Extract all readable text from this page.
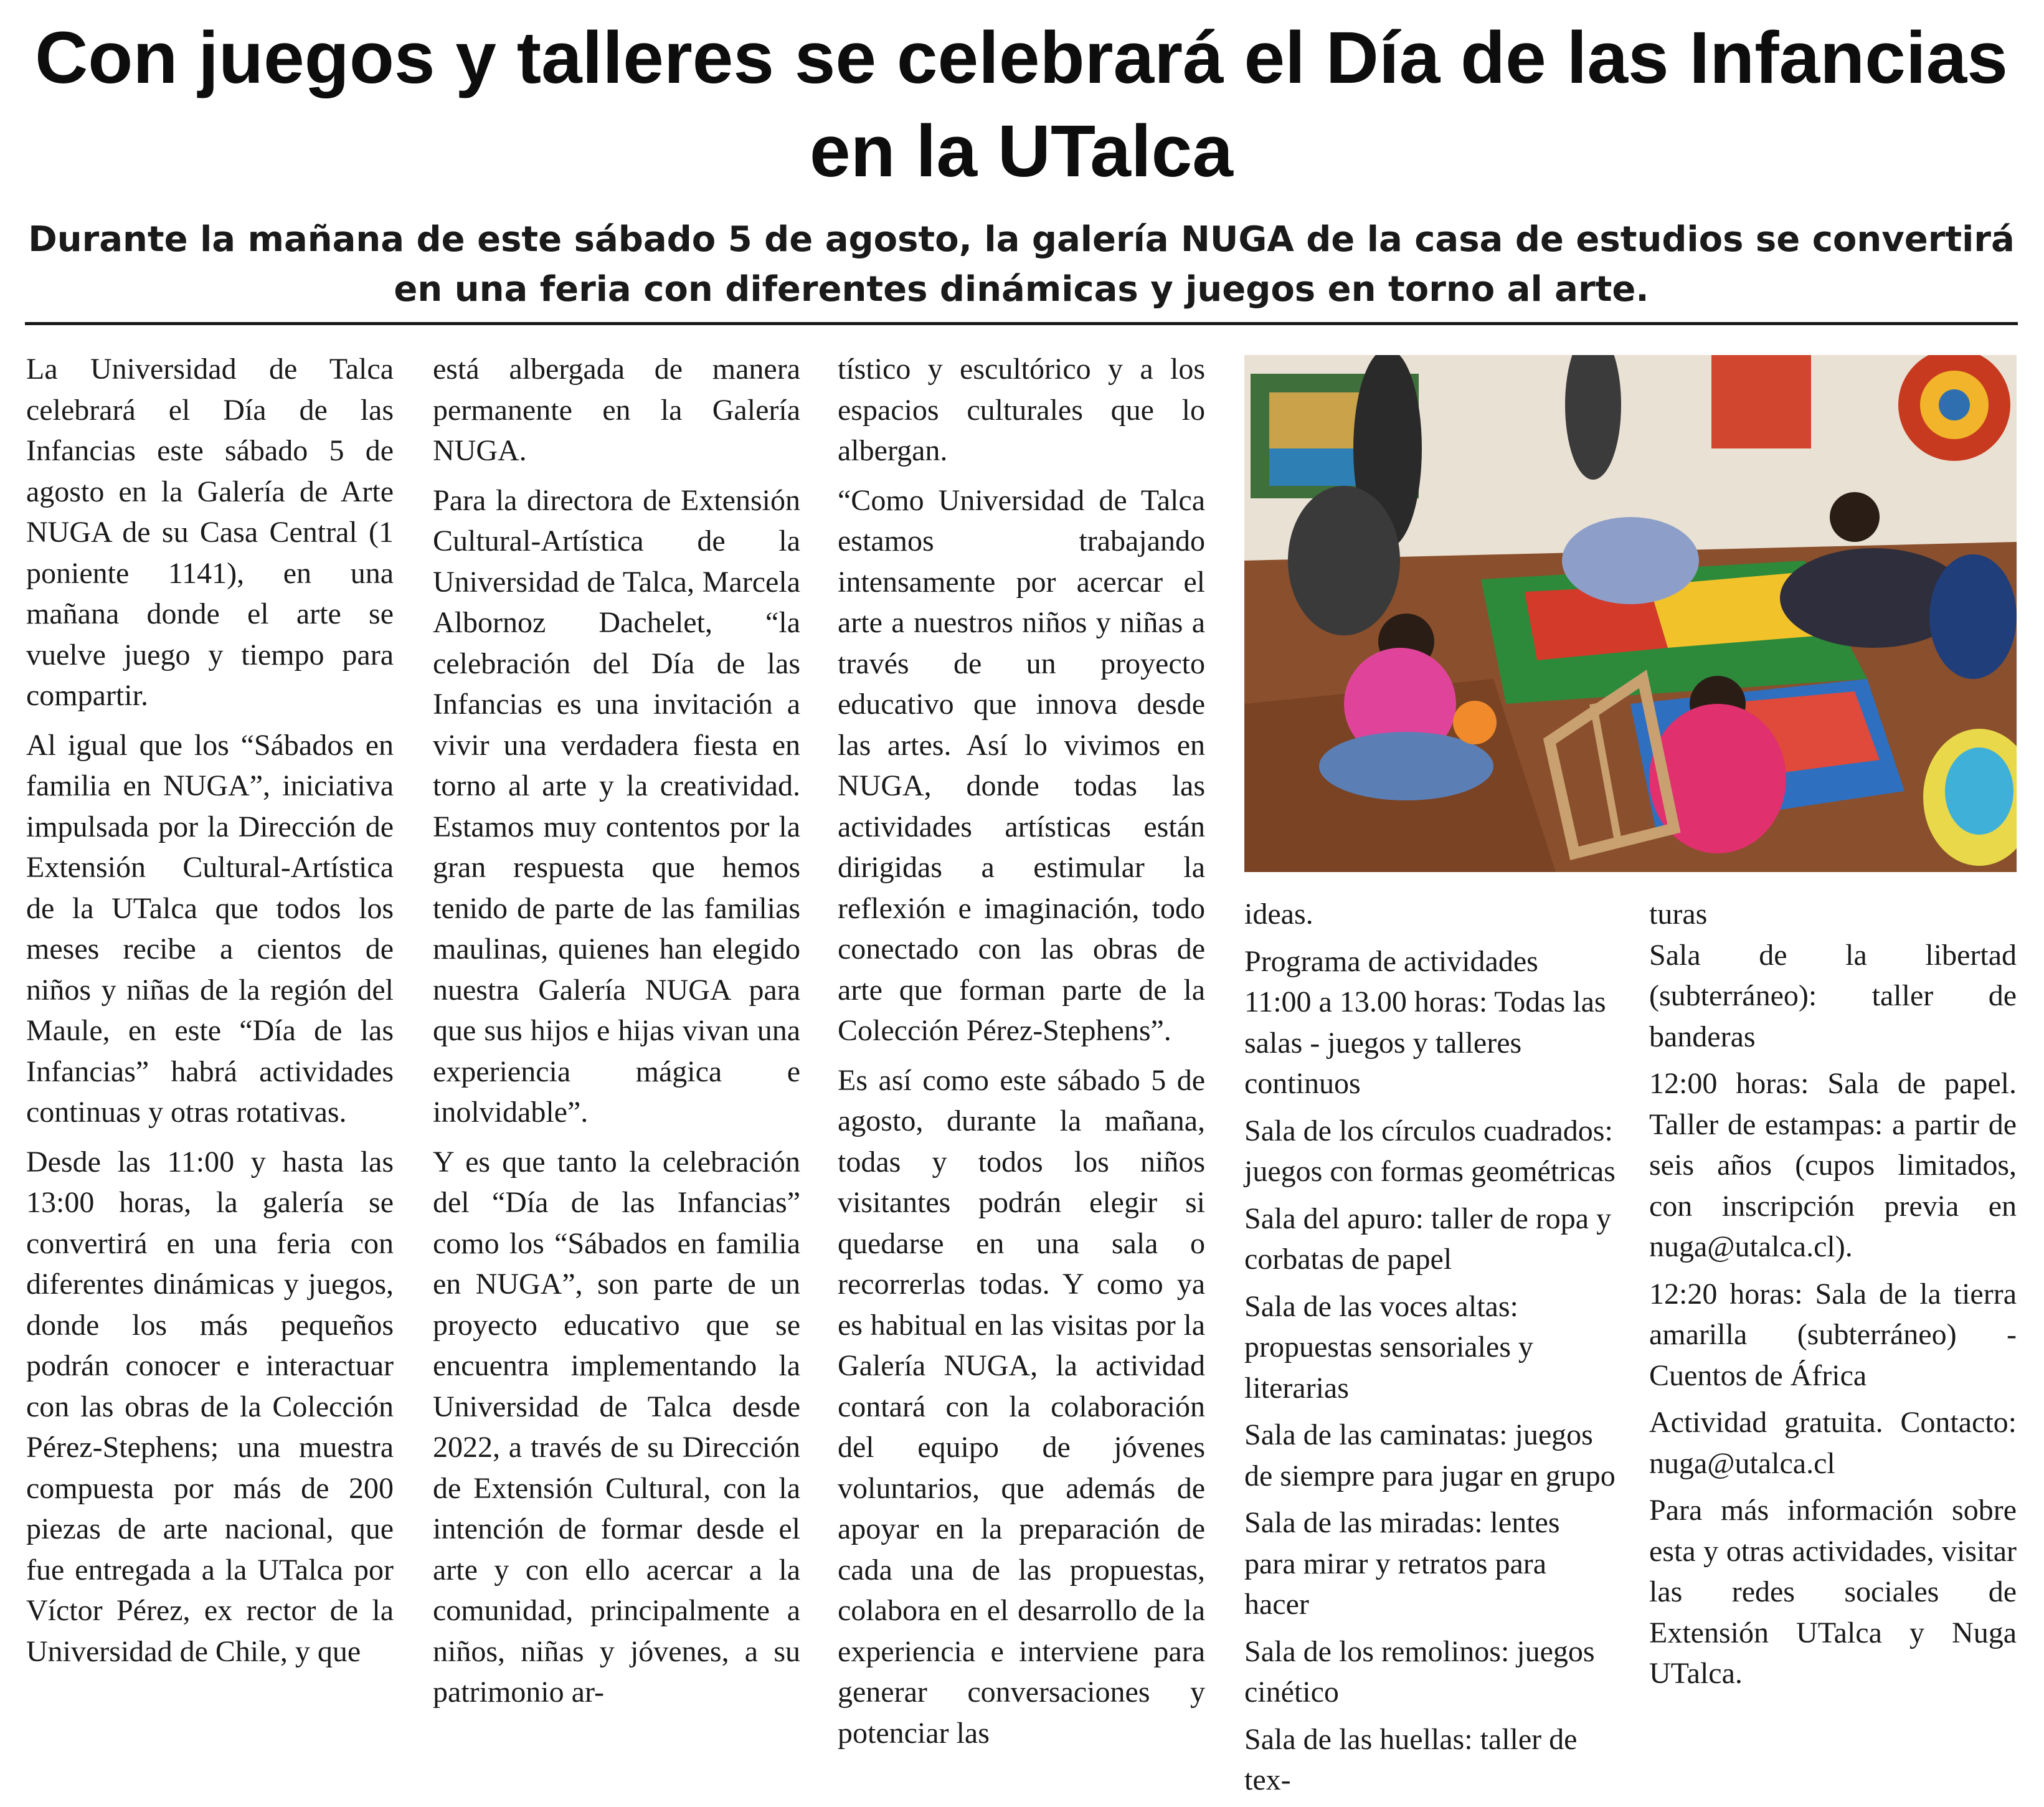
Con juegos y talleres se celebrará el Día de las Infancias en la UTalca
Durante la mañana de este sábado 5 de agosto, la galería NUGA de la casa de estudios se convertirá en una feria con diferentes dinámicas y juegos en torno al arte.

La Universidad de Talca celebrará el Día de las Infancias este sábado 5 de agosto en la Galería de Arte NUGA de su Casa Central (1 poniente 1141), en una mañana donde el arte se vuelve juego y tiempo para compartir.

Al igual que los “Sábados en familia en NUGA”, iniciativa impulsada por la Dirección de Extensión Cultural-Artística de la UTalca que todos los meses recibe a cientos de niños y niñas de la región del Maule, en este “Día de las Infancias” habrá actividades continuas y otras rotativas.

Desde las 11:00 y hasta las 13:00 horas, la galería se convertirá en una feria con diferentes dinámicas y juegos, donde los más pequeños podrán conocer e interactuar con las obras de la Colección Pérez-Stephens; una muestra compuesta por más de 200 piezas de arte nacional, que fue entregada a la UTalca por Víctor Pérez, ex rector de la Universidad de Chile, y que

está albergada de manera permanente en la Galería NUGA.

Para la directora de Extensión Cultural-Artística de la Universidad de Talca, Marcela Albornoz Dachelet, “la celebración del Día de las Infancias es una invitación a vivir una verdadera fiesta en torno al arte y la creatividad. Estamos muy contentos por la gran respuesta que hemos tenido de parte de las familias maulinas, quienes han elegido nuestra Galería NUGA para que sus hijos e hijas vivan una experiencia mágica e inolvidable”.

Y es que tanto la celebración del “Día de las Infancias” como los “Sábados en familia en NUGA”, son parte de un proyecto educativo que se encuentra implementando la Universidad de Talca desde 2022, a través de su Dirección de Extensión Cultural, con la intención de formar desde el arte y con ello acercar a la comunidad, principalmente a niños, niñas y jóvenes, a su patrimonio ar-

tístico y escultórico y a los espacios culturales que lo albergan.

“Como Universidad de Talca estamos trabajando intensamente por acercar el arte a nuestros niños y niñas a través de un proyecto educativo que innova desde las artes. Así lo vivimos en NUGA, donde todas las actividades artísticas están dirigidas a estimular la reflexión e imaginación, todo conectado con las obras de arte que forman parte de la Colección Pérez-Stephens”.

Es así como este sábado 5 de agosto, durante la mañana, todas y todos los niños visitantes podrán elegir si quedarse en una sala o recorrerlas todas. Y como ya es habitual en las visitas por la Galería NUGA, la actividad contará con la colaboración del equipo de jóvenes voluntarios, que además de apoyar en la preparación de cada una de las propuestas, colabora en el desarrollo de la experiencia e interviene para generar conversaciones y potenciar las

ideas.

Programa de actividades

11:00 a 13.00 horas: Todas las salas - juegos y talleres continuos

Sala de los círculos cuadrados: juegos con formas geométricas

Sala del apuro: taller de ropa y corbatas de papel

Sala de las voces altas: propuestas sensoriales y literarias

Sala de las caminatas: juegos de siempre para jugar en grupo

Sala de las miradas: lentes para mirar y retratos para hacer

Sala de los remolinos: juegos cinético

Sala de las huellas: taller de tex-

turas

Sala de la libertad (subterráneo): taller de banderas

12:00 horas: Sala de papel. Taller de estampas: a partir de seis años (cupos limitados, con inscripción previa en nuga@utalca.cl).

12:20 horas: Sala de la tierra amarilla (subterráneo) - Cuentos de África

Actividad gratuita. Contacto: nuga@utalca.cl

Para más información sobre esta y otras actividades, visitar las redes sociales de Extensión UTalca y Nuga UTalca.
